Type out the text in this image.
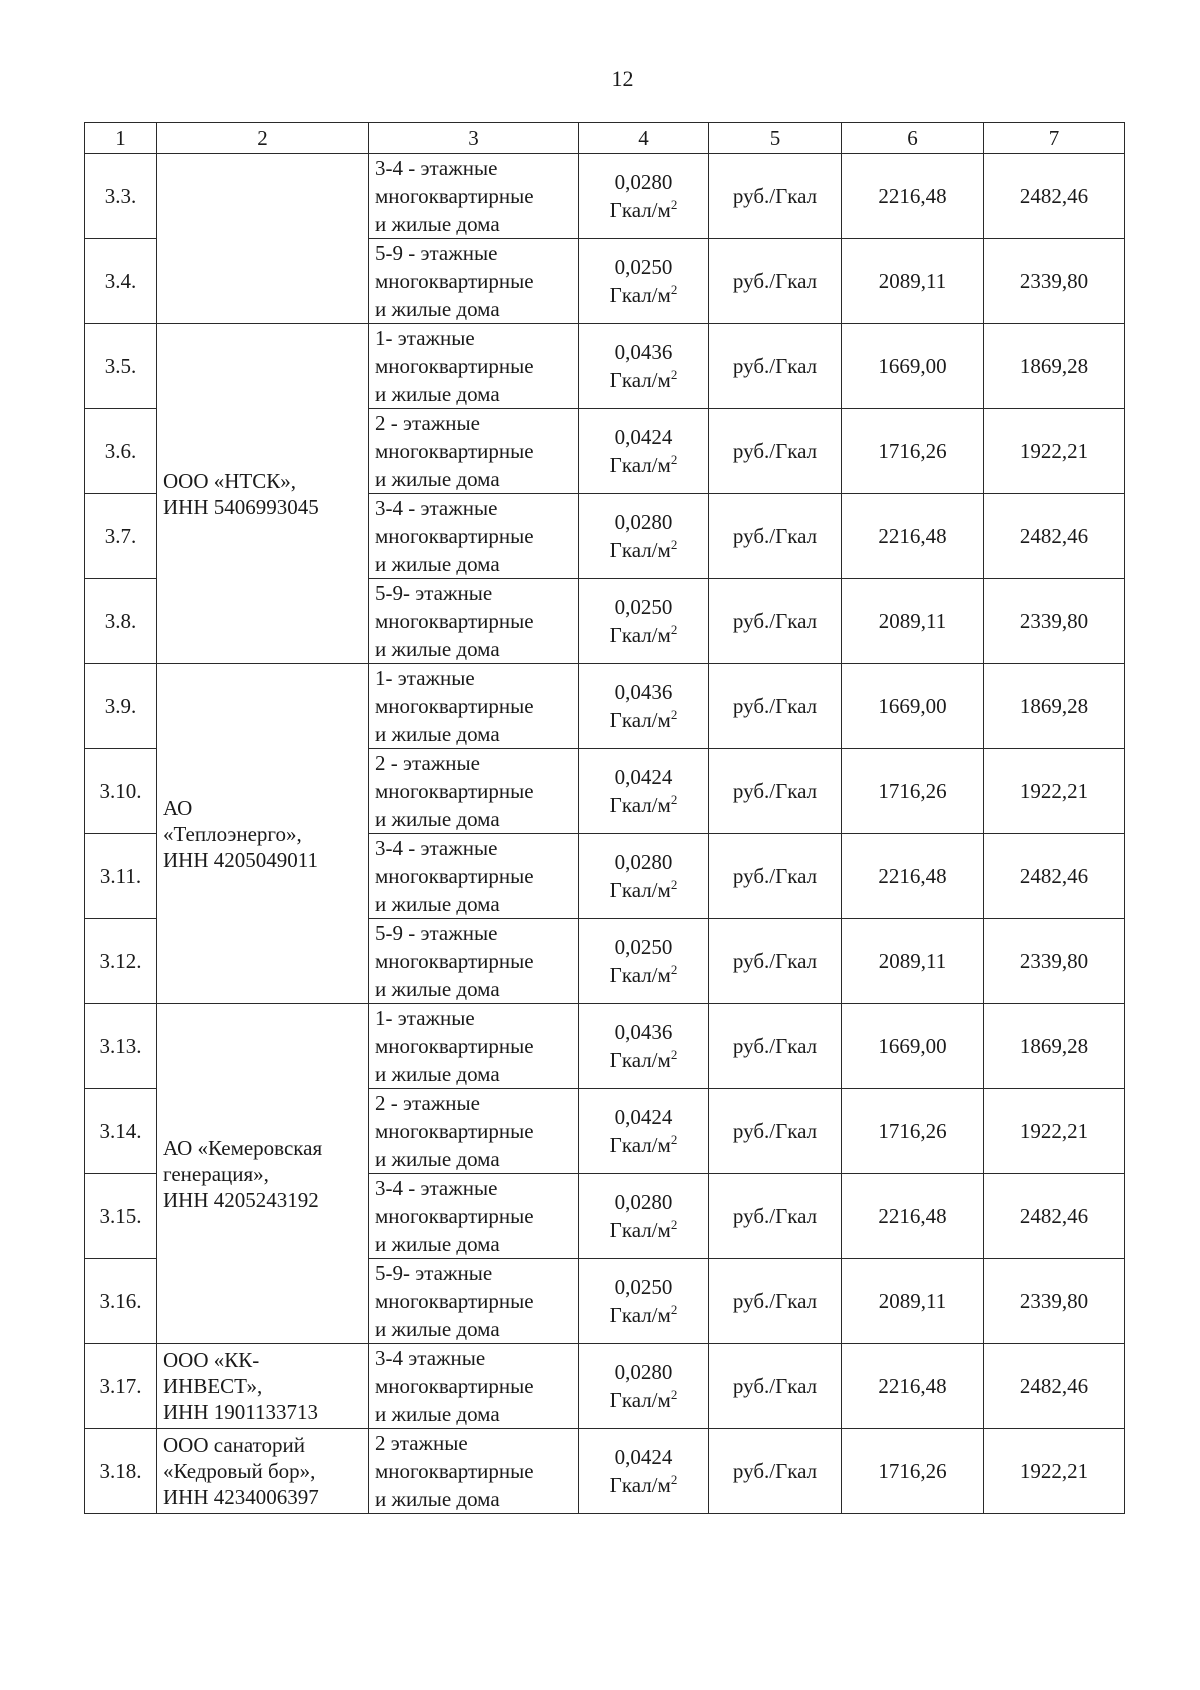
12
1	2	3	4	5	6	7
3.3.		3-4 - этажные
многоквартирные
и жилые дома	0,0280
Гкал/$м^2$	руб./Гкал	2216,48	2482,46
3.4.		5-9 - этажные
многоквартирные
и жилые дома	0,0250
Гкал/$м^2$	руб./Гкал	2089,11	2339,80
3.5.	ООО «НТСК»,
ИНН 5406993045	1- этажные
многоквартирные
и жилые дома	0,0436
Гкал/$м^2$	руб./Гкал	1669,00	1869,28
3.6.		2 - этажные
многоквартирные
и жилые дома	0,0424
Гкал/$м^2$	руб./Гкал	1716,26	1922,21
3.7.		3-4 - этажные
многоквартирные
и жилые дома	0,0280
Гкал/$м^2$	руб./Гкал	2216,48	2482,46
3.8.		5-9- этажные
многоквартирные
и жилые дома	0,0250
Гкал/$м^2$	руб./Гкал	2089,11	2339,80
3.9.	АО
«Теплоэнерго»,
ИНН 4205049011	1- этажные
многоквартирные
и жилые дома	0,0436
Гкал/$м^2$	руб./Гкал	1669,00	1869,28
3.10.		2 - этажные
многоквартирные
и жилые дома	0,0424
Гкал/$м^2$	руб./Гкал	1716,26	1922,21
3.11.		3-4 - этажные
многоквартирные
и жилые дома	0,0280
Гкал/$м^2$	руб./Гкал	2216,48	2482,46
3.12.		5-9 - этажные
многоквартирные
и жилые дома	0,0250
Гкал/$м^2$	руб./Гкал	2089,11	2339,80
3.13.	АО «Кемеровская
генерация»,
ИНН 4205243192	1- этажные
многоквартирные
и жилые дома	0,0436
Гкал/$м^2$	руб./Гкал	1669,00	1869,28
3.14.		2 - этажные
многоквартирные
и жилые дома	0,0424
Гкал/$м^2$	руб./Гкал	1716,26	1922,21
3.15.		3-4 - этажные
многоквартирные
и жилые дома	0,0280
Гкал/$м^2$	руб./Гкал	2216,48	2482,46
3.16.		5-9- этажные
многоквартирные
и жилые дома	0,0250
Гкал/$м^2$	руб./Гкал	2089,11	2339,80
3.17.	ООО «КК-
ИНВЕСТ»,
ИНН 1901133713	3-4 этажные
многоквартирные
и жилые дома	0,0280
Гкал/$м^2$	руб./Гкал	2216,48	2482,46
3.18.	ООО санаторий
«Кедровый бор»,
ИНН 4234006397	2 этажные
многоквартирные
и жилые дома	0,0424
Гкал/$м^2$	руб./Гкал	1716,26	1922,21
